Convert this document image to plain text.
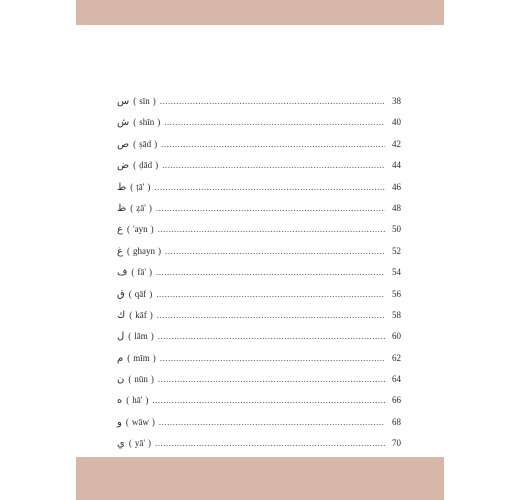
س ( sīn ) .....	38
ش ( shīn ) .....	40
ص ( ṣād ) .....	42
ض ( ḍād ) .....	44
ط ( ṭā' ) .....	46
ظ ( ẓā' ) .....	48
ع ( 'ayn ) .....	50
غ ( ghayn ) .....	52
ف ( fā' ) .....	54
ق ( qāf ) .....	56
ك ( kāf ) .....	58
ل ( lām ) .....	60
م ( mīm ) .....	62
ن ( nūn ) .....	64
ه ( hā' ) .....	66
و ( wāw ) .....	68
ي ( yā' ) .....	70
